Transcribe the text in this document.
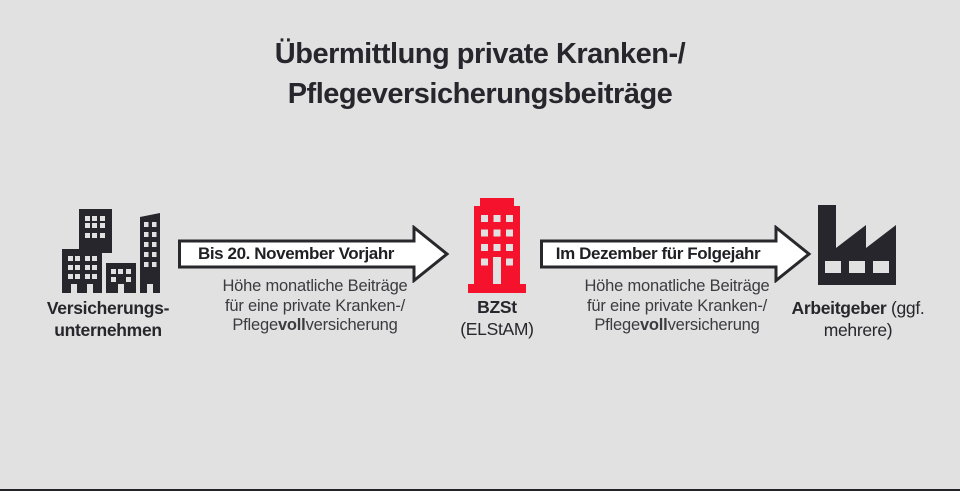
Übermittlung private Kranken-/
Pflegeversicherungsbeiträge
Versicherungs-
unternehmen
Bis 20. November Vorjahr
Höhe monatliche Beiträge
für eine private Kranken-/
Pflegevollversicherung
BZSt
(ELStAM)
Im Dezember für Folgejahr
Höhe monatliche Beiträge
für eine private Kranken-/
Pflegevollversicherung
Arbeitgeber (ggf.
mehrere)
